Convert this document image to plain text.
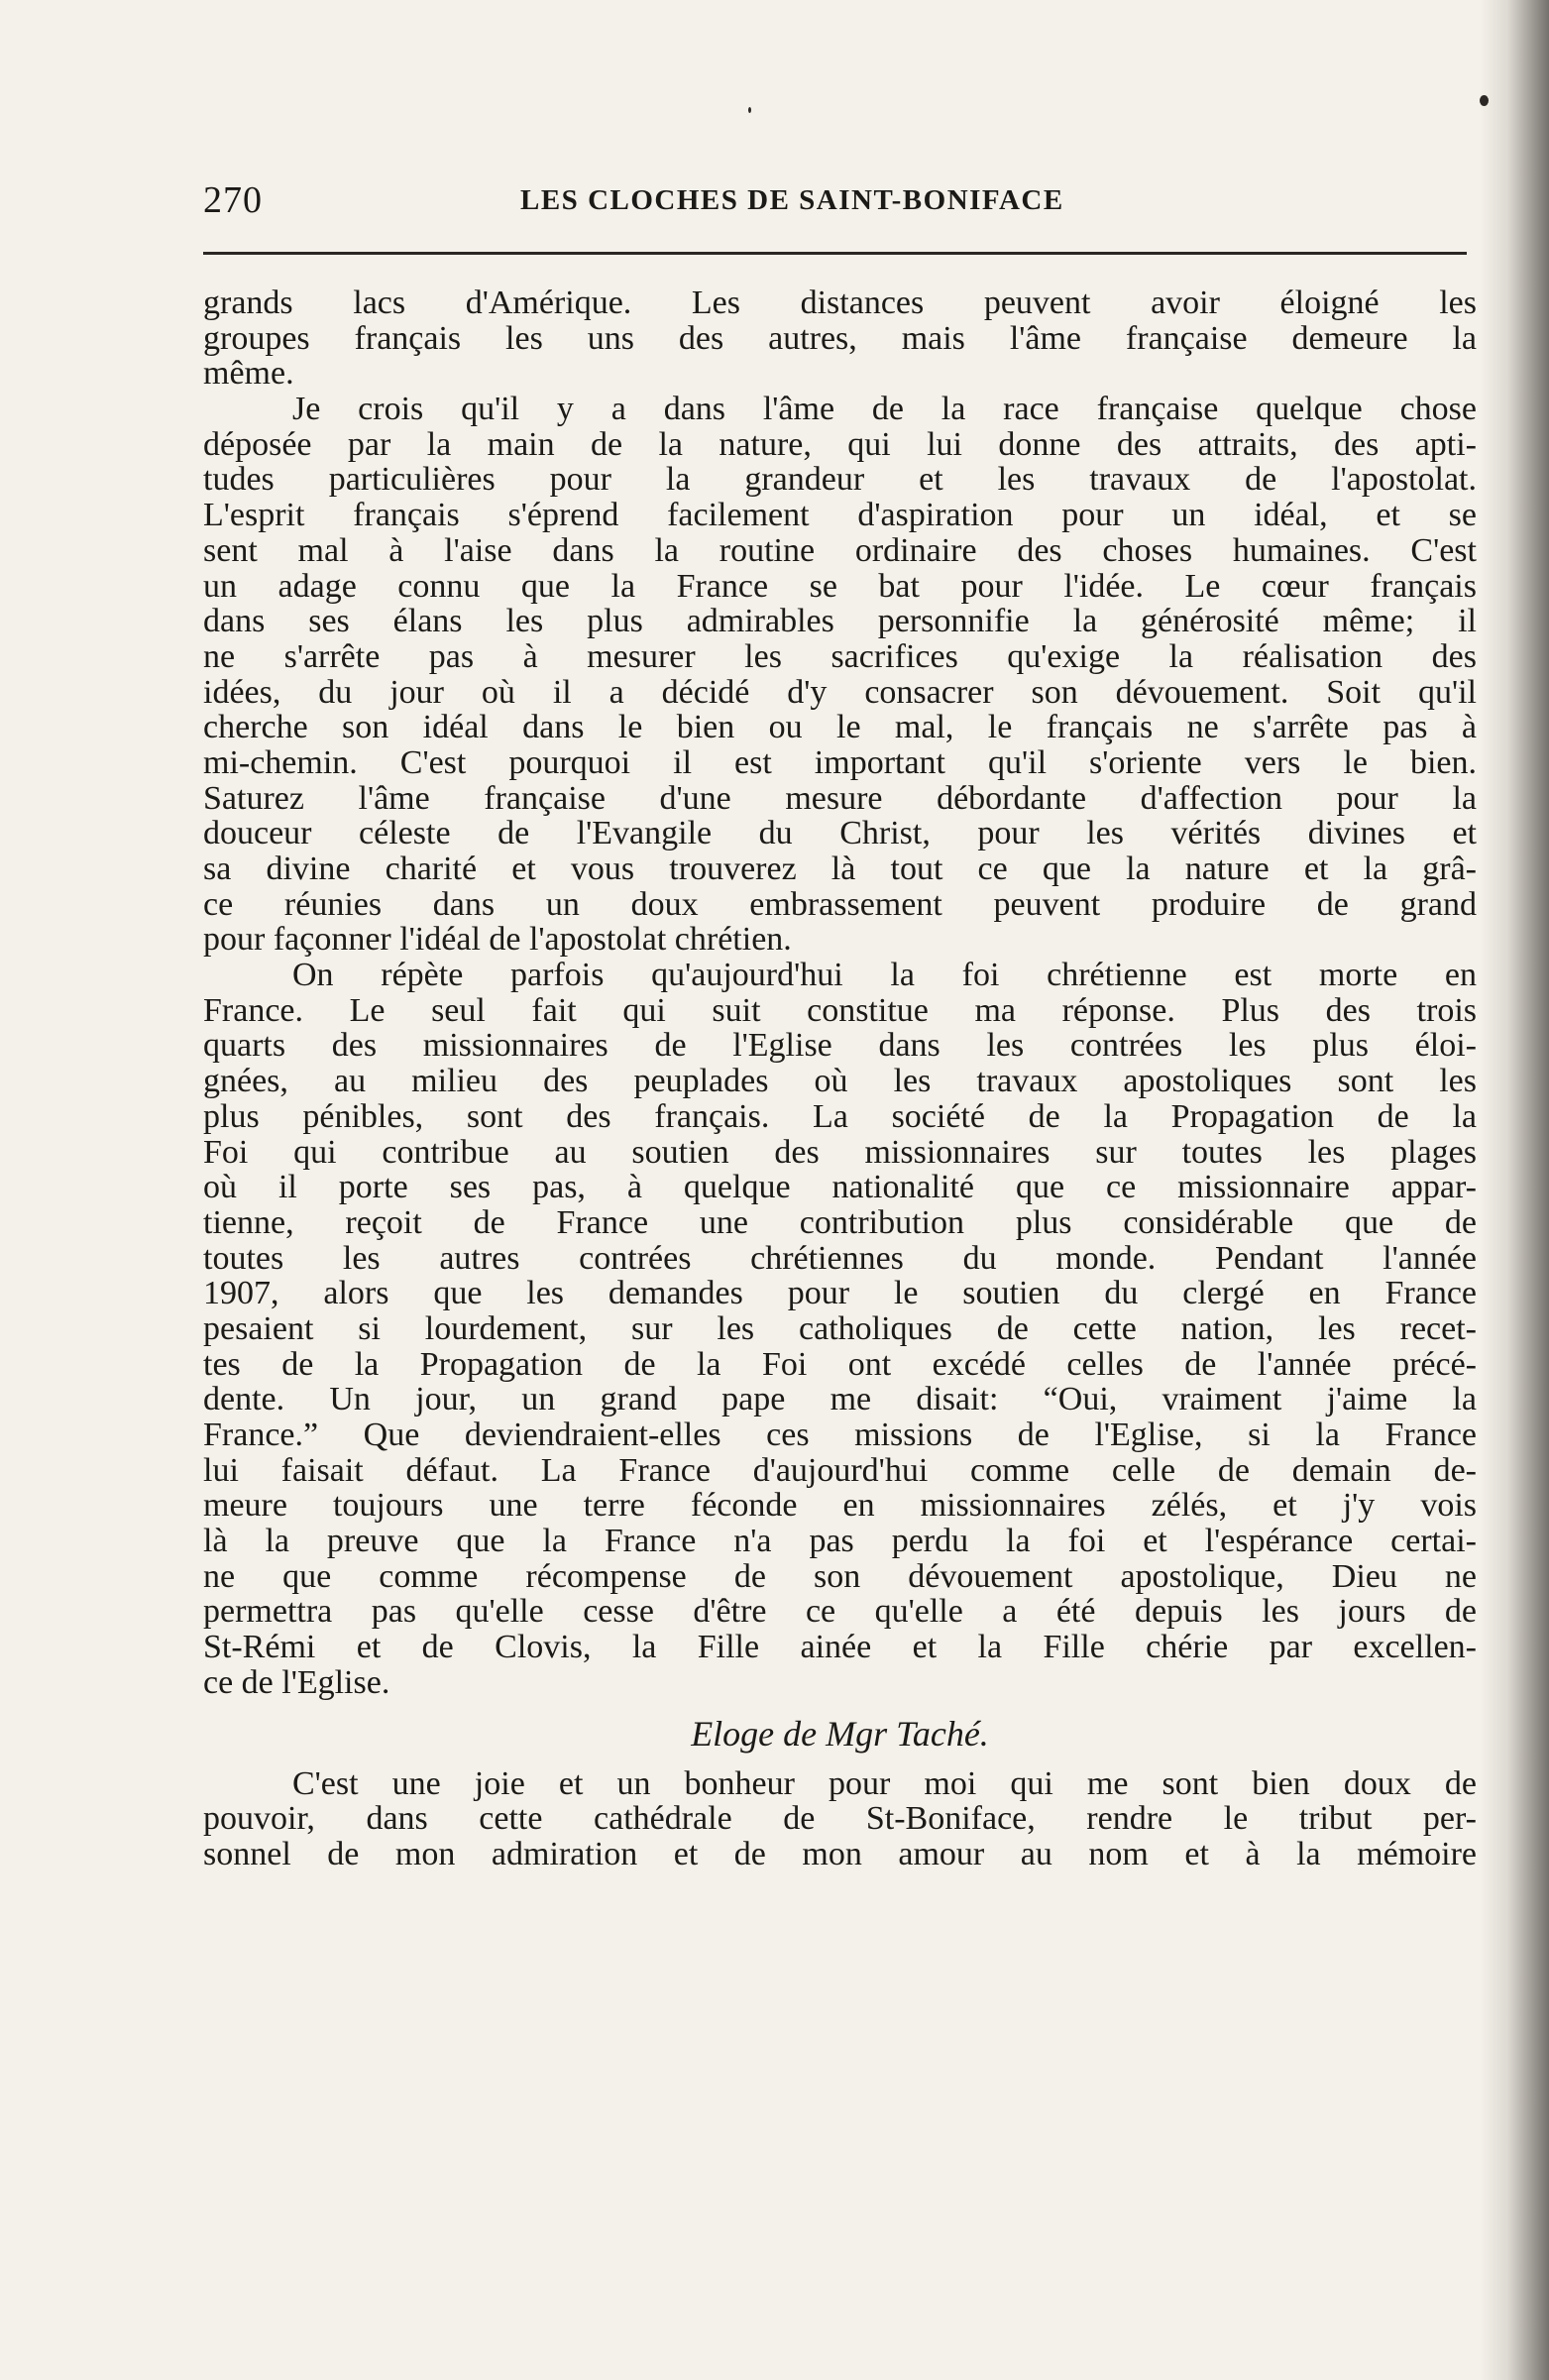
270	LES CLOCHES DE SAINT-BONIFACE
grands lacs d'Amérique. Les distances peuvent avoir éloigné les
groupes français les uns des autres, mais l'âme française demeure la
même.
Je crois qu'il y a dans l'âme de la race française quelque chose
déposée par la main de la nature, qui lui donne des attraits, des apti-
tudes particulières pour la grandeur et les travaux de l'apostolat.
L'esprit français s'éprend facilement d'aspiration pour un idéal, et se
sent mal à l'aise dans la routine ordinaire des choses humaines. C'est
un adage connu que la France se bat pour l'idée. Le cœur français
dans ses élans les plus admirables personnifie la générosité même; il
ne s'arrête pas à mesurer les sacrifices qu'exige la réalisation des
idées, du jour où il a décidé d'y consacrer son dévouement. Soit qu'il
cherche son idéal dans le bien ou le mal, le français ne s'arrête pas à
mi-chemin. C'est pourquoi il est important qu'il s'oriente vers le bien.
Saturez l'âme française d'une mesure débordante d'affection pour la
douceur céleste de l'Evangile du Christ, pour les vérités divines et
sa divine charité et vous trouverez là tout ce que la nature et la grâ-
ce réunies dans un doux embrassement peuvent produire de grand
pour façonner l'idéal de l'apostolat chrétien.
On répète parfois qu'aujourd'hui la foi chrétienne est morte en
France. Le seul fait qui suit constitue ma réponse. Plus des trois
quarts des missionnaires de l'Eglise dans les contrées les plus éloi-
gnées, au milieu des peuplades où les travaux apostoliques sont les
plus pénibles, sont des français. La société de la Propagation de la
Foi qui contribue au soutien des missionnaires sur toutes les plages
où il porte ses pas, à quelque nationalité que ce missionnaire appar-
tienne, reçoit de France une contribution plus considérable que de
toutes les autres contrées chrétiennes du monde. Pendant l'année
1907, alors que les demandes pour le soutien du clergé en France
pesaient si lourdement, sur les catholiques de cette nation, les recet-
tes de la Propagation de la Foi ont excédé celles de l'année précé-
dente. Un jour, un grand pape me disait: “Oui, vraiment j'aime la
France.” Que deviendraient-elles ces missions de l'Eglise, si la France
lui faisait défaut. La France d'aujourd'hui comme celle de demain de-
meure toujours une terre féconde en missionnaires zélés, et j'y vois
là la preuve que la France n'a pas perdu la foi et l'espérance certai-
ne que comme récompense de son dévouement apostolique, Dieu ne
permettra pas qu'elle cesse d'être ce qu'elle a été depuis les jours de
St-Rémi et de Clovis, la Fille ainée et la Fille chérie par excellen-
ce de l'Eglise.
Eloge de Mgr Taché.
C'est une joie et un bonheur pour moi qui me sont bien doux de
pouvoir, dans cette cathédrale de St-Boniface, rendre le tribut per-
sonnel de mon admiration et de mon amour au nom et à la mémoire
